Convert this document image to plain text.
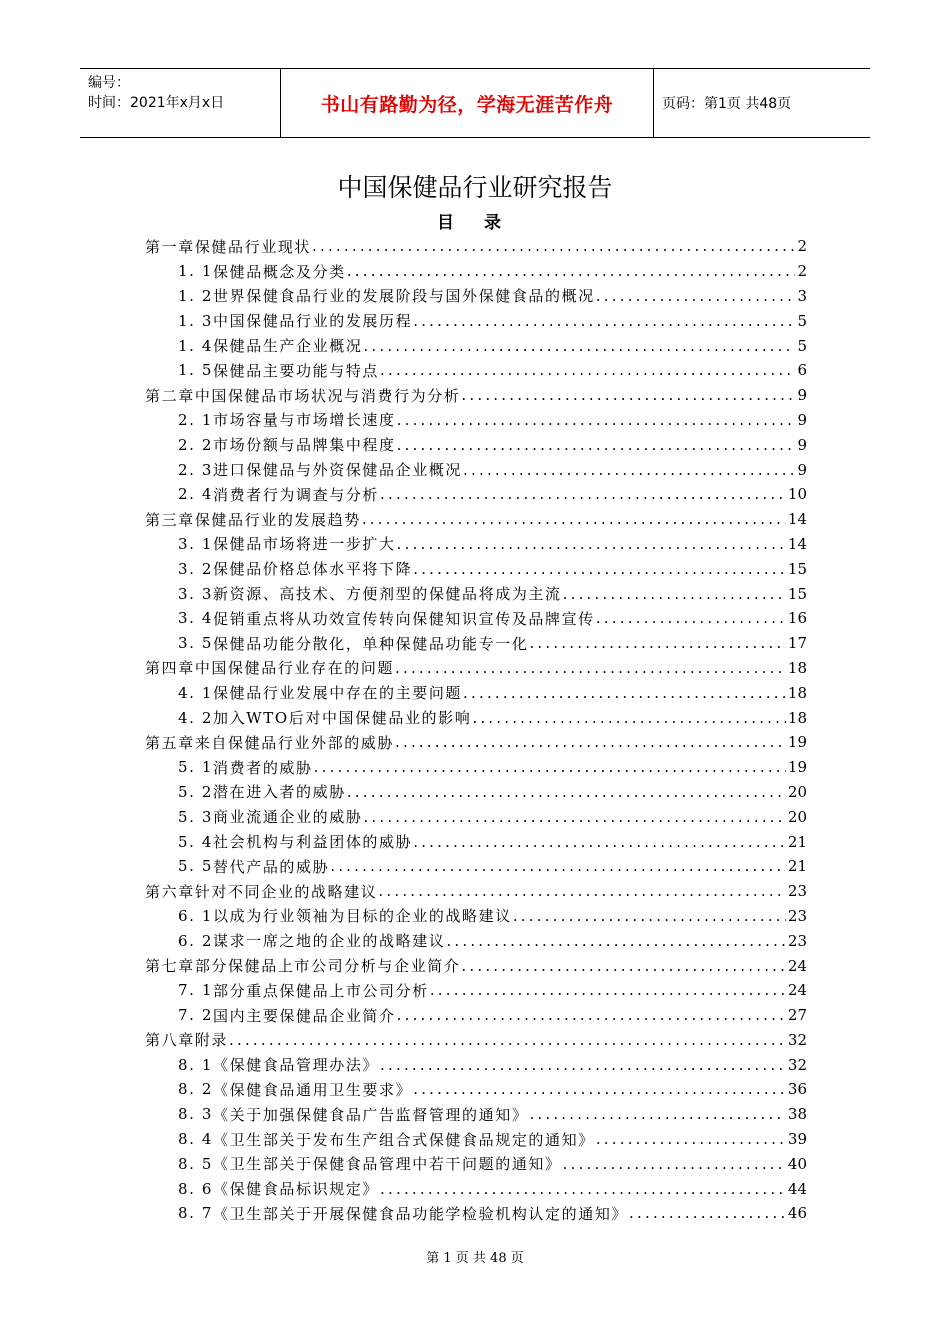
编号：
时间：2021年x月x日	书山有路勤为径，学海无涯苦作舟	页码：第1页 共48页
中国保健品行业研究报告
目 录
第一章 保健品行业现状 .....	2
1. 1 保健品概念及分类 .....	2
1. 2 世界保健食品行业的发展阶段与国外保健食品的概况 .....	3
1. 3 中国保健品行业的发展历程 .....	5
1. 4 保健品生产企业概况 .....	5
1. 5 保健品主要功能与特点 .....	6
第二章 中国保健品市场状况与消费行为分析 .....	9
2. 1 市场容量与市场增长速度 .....	9
2. 2 市场份额与品牌集中程度 .....	9
2. 3 进口保健品与外资保健品企业概况 .....	9
2. 4 消费者行为调查与分析 .....	10
第三章 保健品行业的发展趋势 .....	14
3. 1 保健品市场将进一步扩大 .....	14
3. 2 保健品价格总体水平将下降 .....	15
3. 3 新资源、高技术、方便剂型的保健品将成为主流 .....	15
3. 4 促销重点将从功效宣传转向保健知识宣传及品牌宣传 .....	16
3. 5 保健品功能分散化，单种保健品功能专一化 .....	17
第四章 中国保健品行业存在的问题 .....	18
4. 1 保健品行业发展中存在的主要问题 .....	18
4. 2 加入WTO后对中国保健品业的影响 .....	18
第五章 来自保健品行业外部的威胁 .....	19
5. 1 消费者的威胁 .....	19
5. 2 潜在进入者的威胁 .....	20
5. 3 商业流通企业的威胁 .....	20
5. 4 社会机构与利益团体的威胁 .....	21
5. 5 替代产品的威胁 .....	21
第六章 针对不同企业的战略建议 .....	23
6. 1 以成为行业领袖为目标的企业的战略建议 .....	23
6. 2 谋求一席之地的企业的战略建议 .....	23
第七章 部分保健品上市公司分析与企业简介 .....	24
7. 1 部分重点保健品上市公司分析 .....	24
7. 2 国内主要保健品企业简介 .....	27
第八章 附录 .....	32
8. 1 《保健食品管理办法》 .....	32
8. 2 《保健食品通用卫生要求》 .....	36
8. 3 《关于加强保健食品广告监督管理的通知》 .....	38
8. 4 《卫生部关于发布生产组合式保健食品规定的通知》 .....	39
8. 5 《卫生部关于保健食品管理中若干问题的通知》 .....	40
8. 6 《保健食品标识规定》 .....	44
8. 7 《卫生部关于开展保健食品功能学检验机构认定的通知》 .....	46
第 1 页 共 48 页
